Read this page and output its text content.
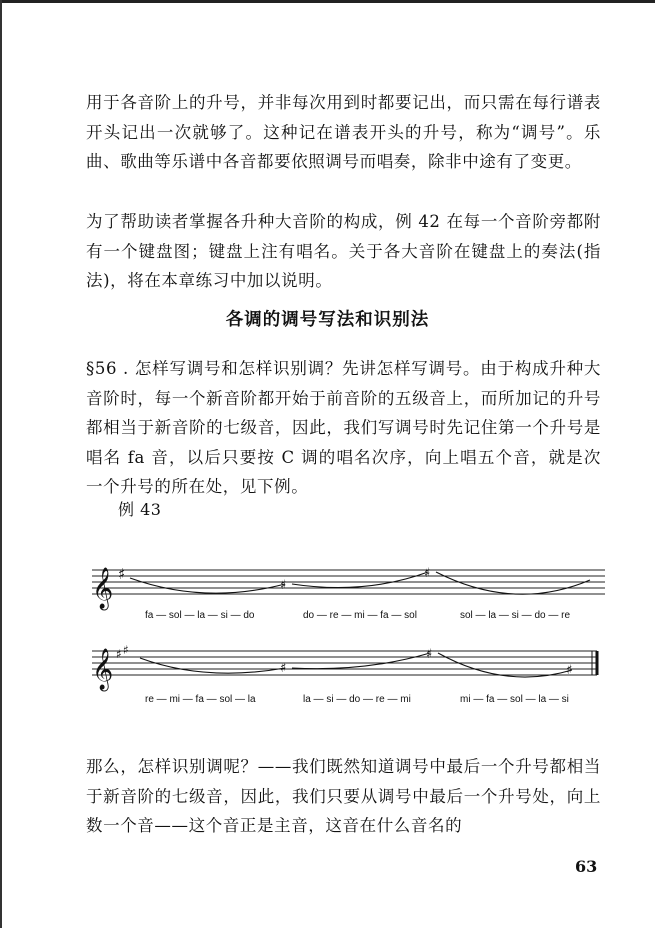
用于各音阶上的升号，并非每次用到时都要记出，而只需在每行谱表开头记出一次就够了。这种记在谱表开头的升号，称为“调号”。乐曲、歌曲等乐谱中各音都要依照调号而唱奏，除非中途有了变更。

为了帮助读者掌握各升种大音阶的构成，例 42 在每一个音阶旁都附有一个键盘图；键盘上注有唱名。关于各大音阶在键盘上的奏法(指法)，将在本章练习中加以说明。

各调的调号写法和识别法

§56 . 怎样写调号和怎样识别调？先讲怎样写调号。由于构成升种大音阶时，每一个新音阶都开始于前音阶的五级音上，而所加记的升号都相当于新音阶的七级音，因此，我们写调号时先记住第一个升号是唱名 fa 音，以后只要按 C 调的唱名次序，向上唱五个音，就是次一个升号的所在处，见下例。

例 43
𝄞 ♯
♯
♯
fa — sol — la — si — do	do — re — mi — fa — sol	sol — la — si — do — re
𝄞 ♯ ♯
♯
♯
♯
re — mi — fa — sol — la	la — si — do — re — mi	mi — fa — sol — la — si

那么，怎样识别调呢？——我们既然知道调号中最后一个升号都相当于新音阶的七级音，因此，我们只要从调号中最后一个升号处，向上数一个音——这个音正是主音，这音在什么音名的

63
